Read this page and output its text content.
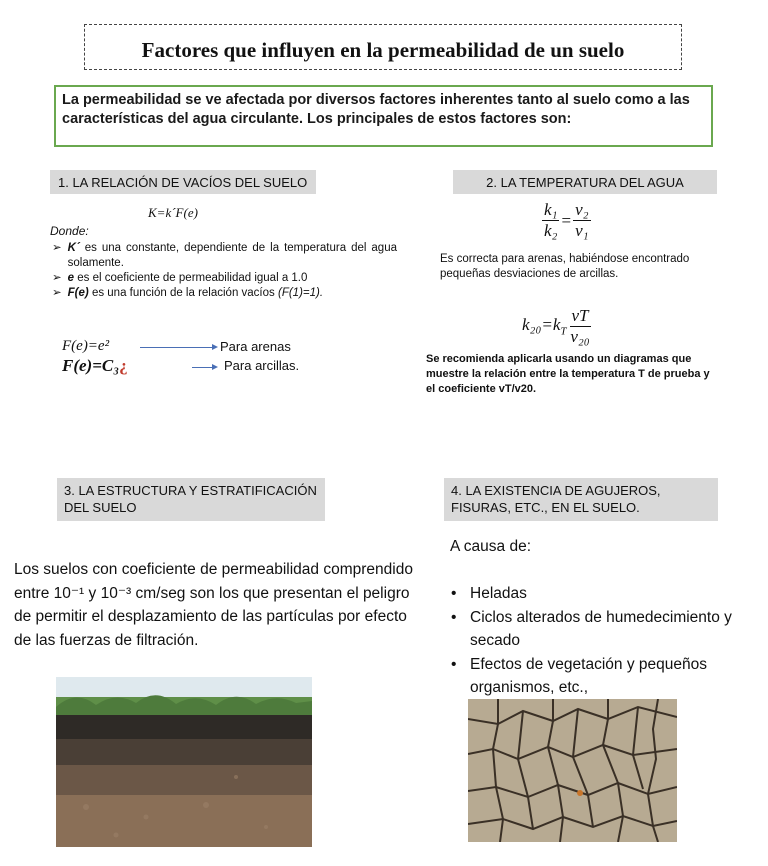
Factores que influyen en la permeabilidad de un suelo
La permeabilidad se ve afectada por diversos factores inherentes tanto al suelo como a las características del agua circulante. Los principales de estos factores son:
1. LA RELACIÓN DE VACÍOS DEL SUELO
K=k´F(e)
Donde:
➢ K´ es una constante, dependiente de la temperatura del agua solamente.
➢ e es el coeficiente de permeabilidad igual a 1.0
➢ F(e) es una función de la relación vacíos (F(1)=1).
F(e)=e²	Para arenas
F(e)=C₃¿	Para arcillas.
2. LA TEMPERATURA DEL AGUA
$\frac{\text{k₁}}{\text{k₂}} = \frac{\text{ν₂}}{\text{ν₁}}$
Es correcta para arenas, habiéndose encontrado pequeñas desviaciones de arcillas.
$k_{20}=k_T \frac{\nu T}{\text{ν₂₀}}$
Se recomienda aplicarla usando un diagramas que muestre la relación entre la temperatura T de prueba y el coeficiente vT/v20.
3. LA ESTRUCTURA Y ESTRATIFICACIÓN DEL SUELO
Los suelos con coeficiente de permeabilidad comprendido entre 10⁻¹ y 10⁻³ cm/seg son los que presentan el peligro de permitir el desplazamiento de las partículas por efecto de las fuerzas de filtración.
4. LA EXISTENCIA DE AGUJEROS, FISURAS, ETC., EN EL SUELO.
A causa de:
• Heladas
• Ciclos alterados de humedecimiento y secado
• Efectos de vegetación y pequeños organismos, etc.,
